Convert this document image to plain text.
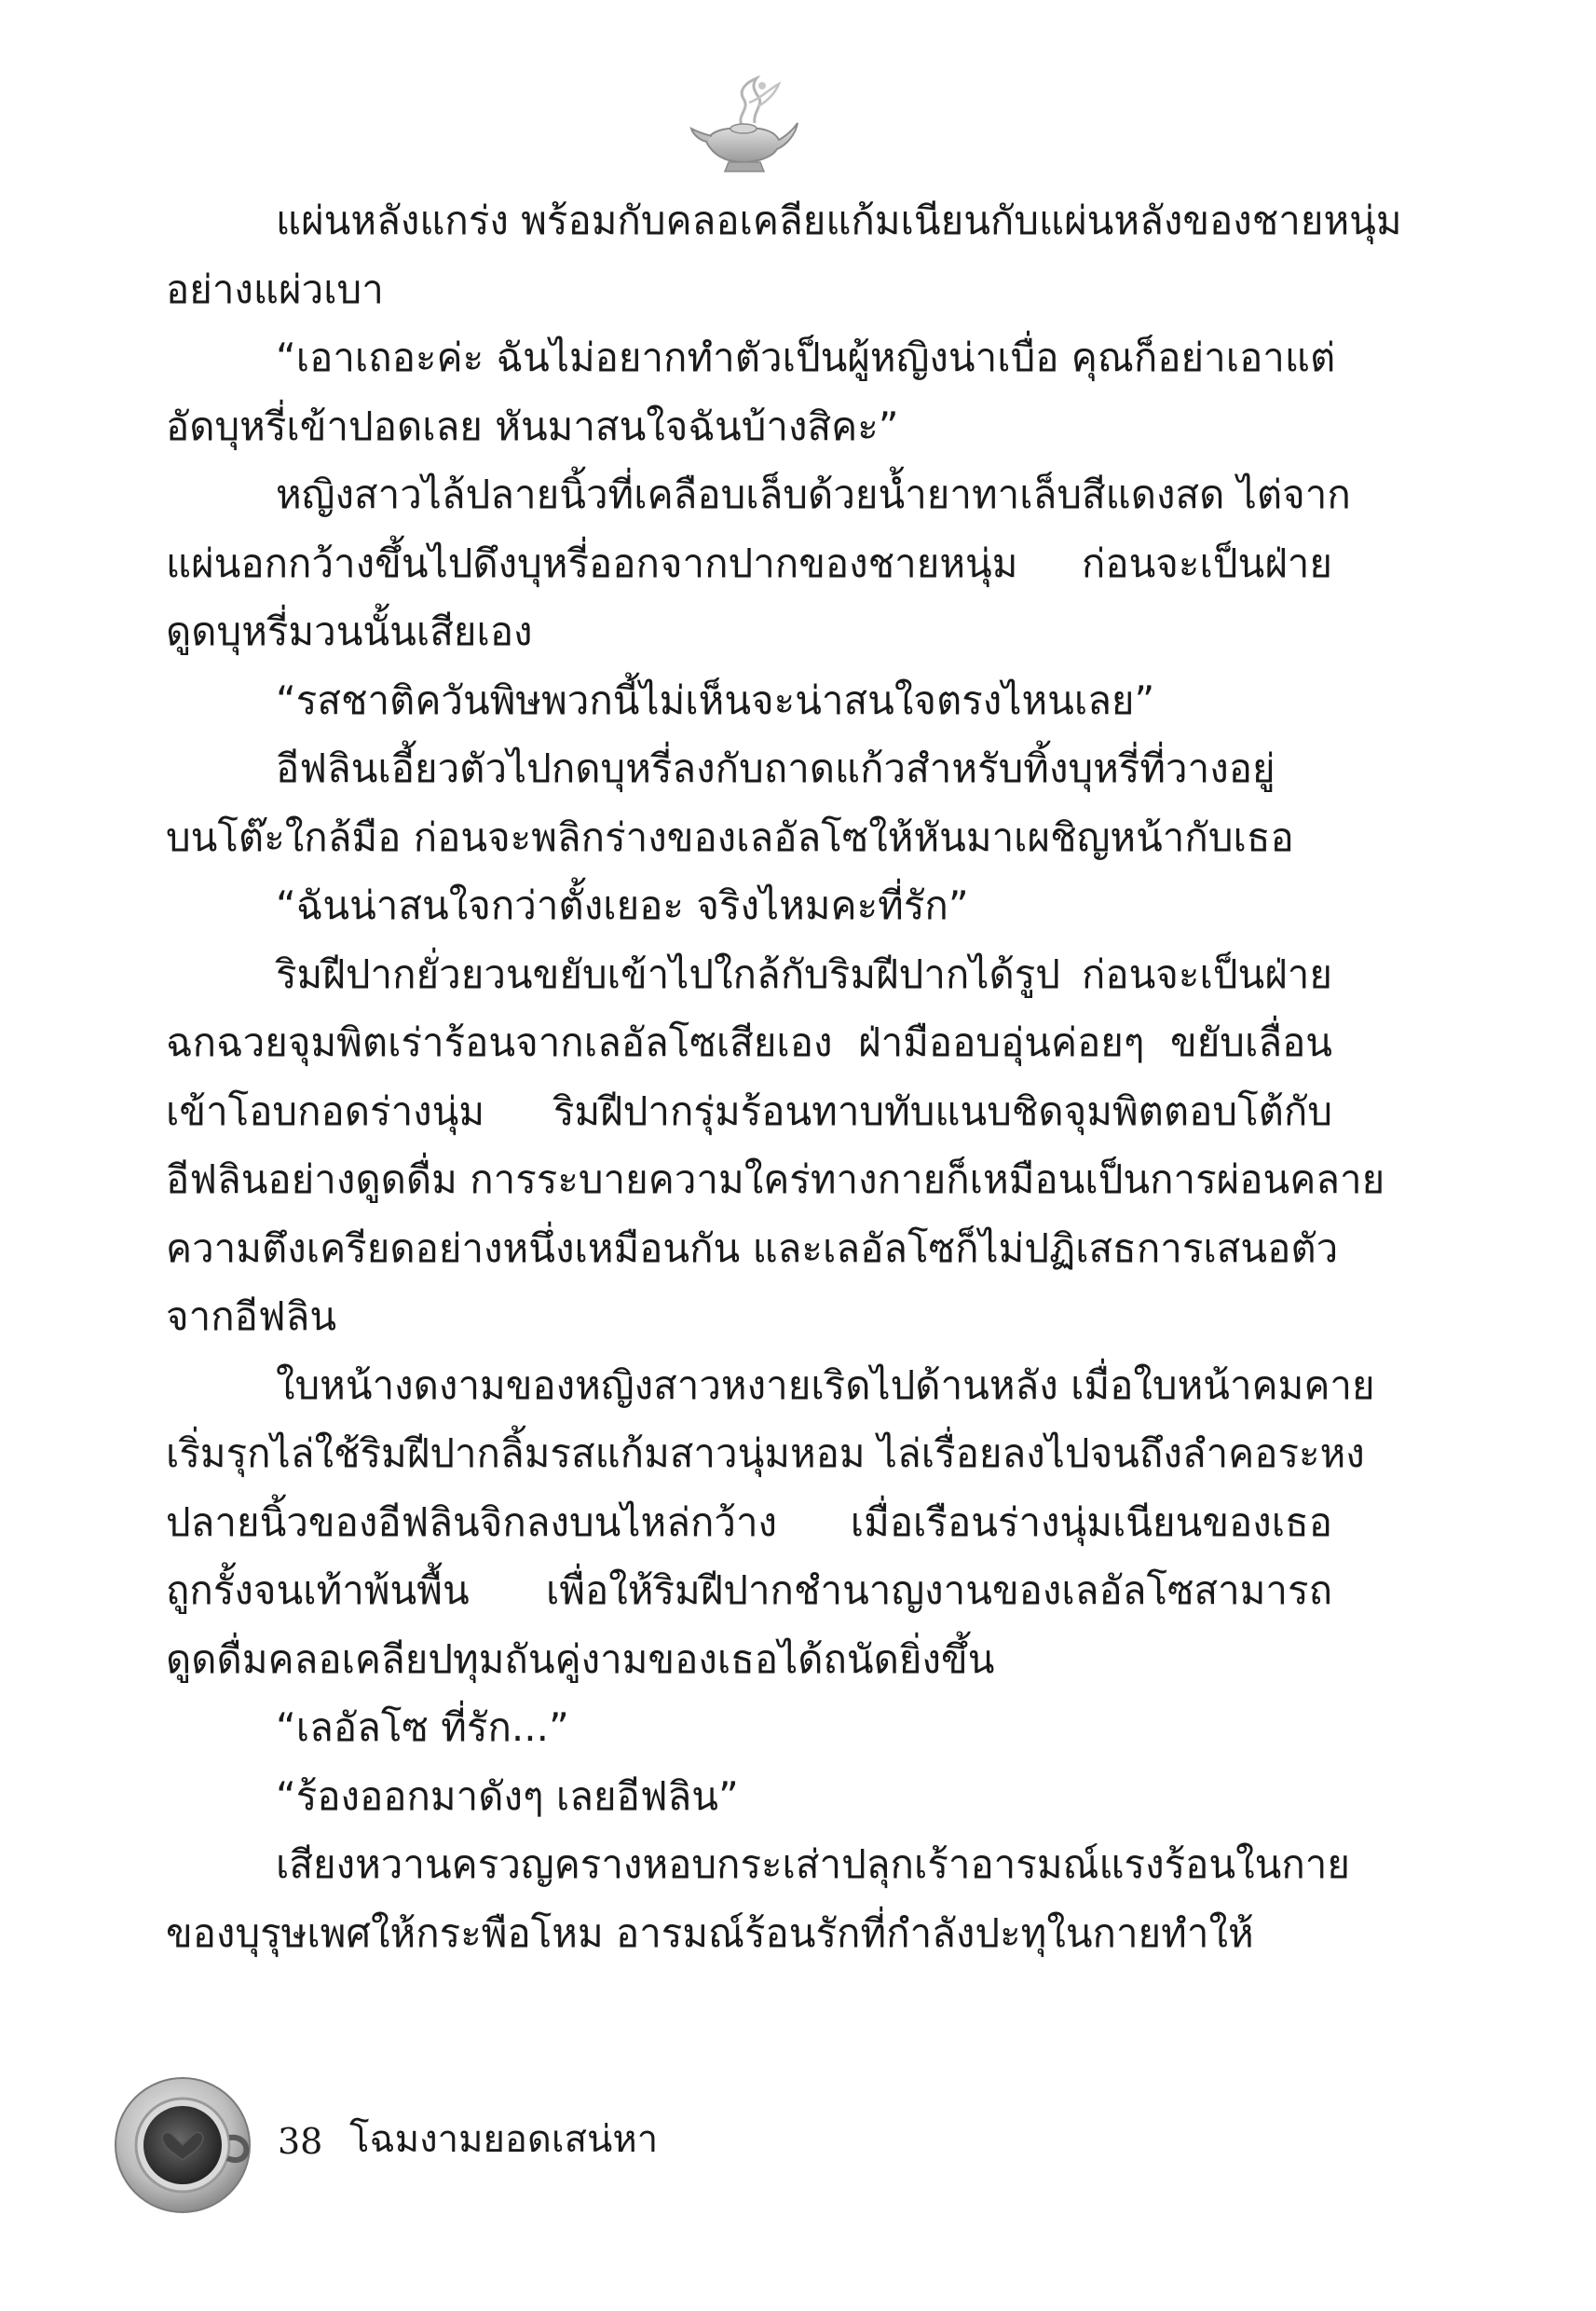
แผ่นหลังแกร่ง พร้อมกับคลอเคลียแก้มเนียนกับแผ่นหลังของชายหนุ่ม
อย่างแผ่วเบา
“เอาเถอะค่ะ ฉันไม่อยากทำตัวเป็นผู้หญิงน่าเบื่อ คุณก็อย่าเอาแต่
อัดบุหรี่เข้าปอดเลย หันมาสนใจฉันบ้างสิคะ”
หญิงสาวไล้ปลายนิ้วที่เคลือบเล็บด้วยน้ำยาทาเล็บสีแดงสด ไต่จาก
แผ่นอกกว้างขึ้นไปดึงบุหรี่ออกจากปากของชายหนุ่ม ก่อนจะเป็นฝ่าย
ดูดบุหรี่มวนนั้นเสียเอง
“รสชาติควันพิษพวกนี้ไม่เห็นจะน่าสนใจตรงไหนเลย”
อีฟลินเอี้ยวตัวไปกดบุหรี่ลงกับถาดแก้วสำหรับทิ้งบุหรี่ที่วางอยู่
บนโต๊ะใกล้มือ ก่อนจะพลิกร่างของเลอัลโซให้หันมาเผชิญหน้ากับเธอ
“ฉันน่าสนใจกว่าตั้งเยอะ จริงไหมคะที่รัก”
ริมฝีปากยั่วยวนขยับเข้าไปใกล้กับริมฝีปากได้รูป ก่อนจะเป็นฝ่าย
ฉกฉวยจุมพิตเร่าร้อนจากเลอัลโซเสียเอง ฝ่ามืออบอุ่นค่อยๆ ขยับเลื่อน
เข้าโอบกอดร่างนุ่ม ริมฝีปากรุ่มร้อนทาบทับแนบชิดจุมพิตตอบโต้กับ
อีฟลินอย่างดูดดื่ม การระบายความใคร่ทางกายก็เหมือนเป็นการผ่อนคลาย
ความตึงเครียดอย่างหนึ่งเหมือนกัน และเลอัลโซก็ไม่ปฏิเสธการเสนอตัว
จากอีฟลิน
ใบหน้างดงามของหญิงสาวหงายเริดไปด้านหลัง เมื่อใบหน้าคมคาย
เริ่มรุกไล่ใช้ริมฝีปากลิ้มรสแก้มสาวนุ่มหอม ไล่เรื่อยลงไปจนถึงลำคอระหง
ปลายนิ้วของอีฟลินจิกลงบนไหล่กว้าง เมื่อเรือนร่างนุ่มเนียนของเธอ
ถูกรั้งจนเท้าพ้นพื้น เพื่อให้ริมฝีปากชำนาญงานของเลอัลโซสามารถ
ดูดดื่มคลอเคลียปทุมถันคู่งามของเธอได้ถนัดยิ่งขึ้น
“เลอัลโซ ที่รัก...”
“ร้องออกมาดังๆ เลยอีฟลิน”
เสียงหวานครวญครางหอบกระเส่าปลุกเร้าอารมณ์แรงร้อนในกาย
ของบุรุษเพศให้กระพือโหม อารมณ์ร้อนรักที่กำลังปะทุในกายทำให้
38 โฉมงามยอดเสน่หา
